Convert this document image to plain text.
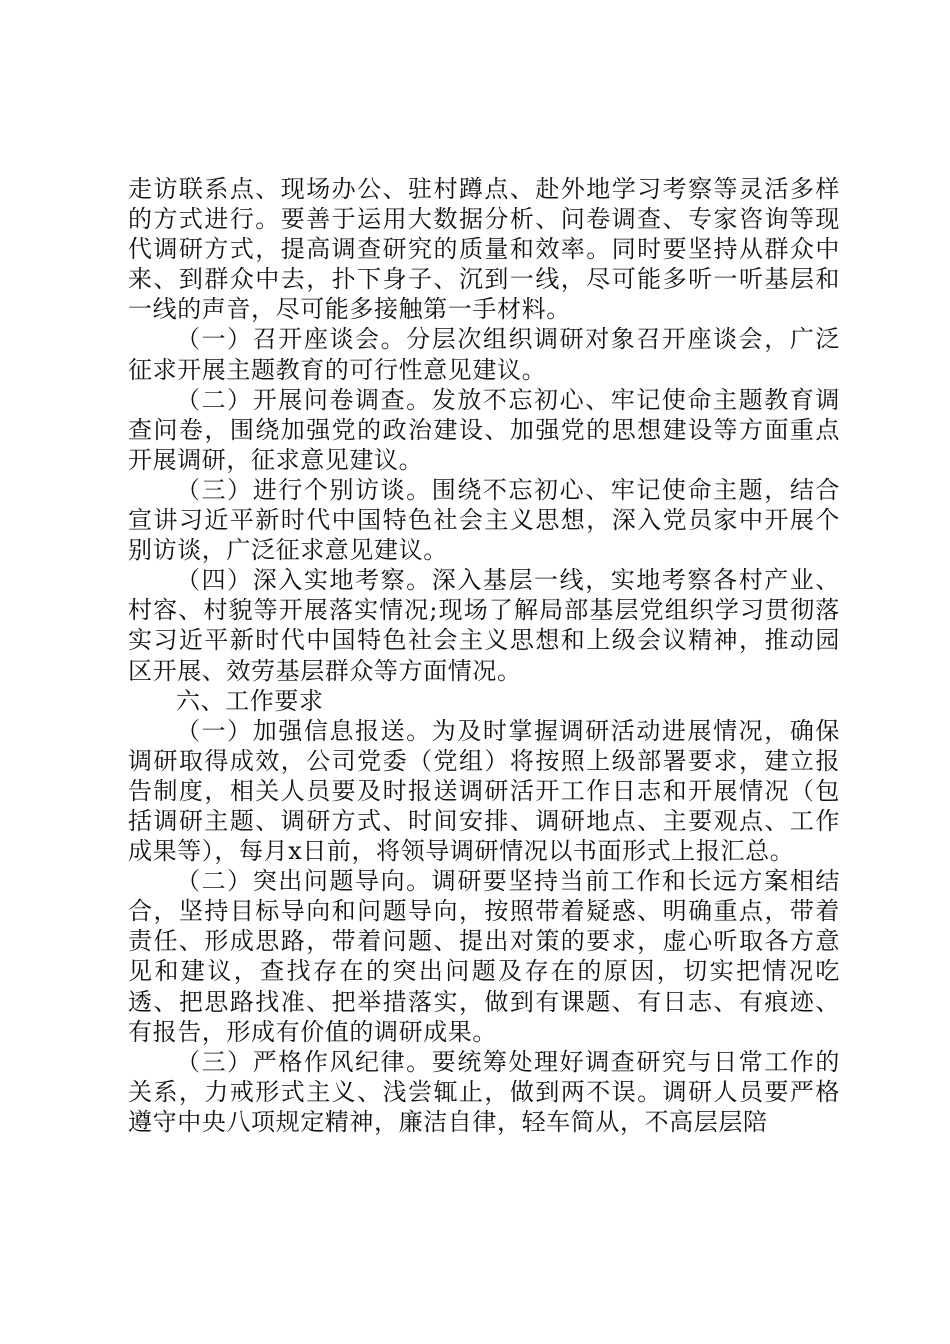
走访联系点、现场办公、驻村蹲点、赴外地学习考察等灵活多样的方式进行。要善于运用大数据分析、问卷调查、专家咨询等现代调研方式，提高调查研究的质量和效率。同时要坚持从群众中来、到群众中去，扑下身子、沉到一线，尽可能多听一听基层和一线的声音，尽可能多接触第一手材料。

（一）召开座谈会。分层次组织调研对象召开座谈会，广泛征求开展主题教育的可行性意见建议。

（二）开展问卷调查。发放不忘初心、牢记使命主题教育调查问卷，围绕加强党的政治建设、加强党的思想建设等方面重点开展调研，征求意见建议。

（三）进行个别访谈。围绕不忘初心、牢记使命主题，结合宣讲习近平新时代中国特色社会主义思想，深入党员家中开展个别访谈，广泛征求意见建议。

（四）深入实地考察。深入基层一线，实地考察各村产业、村容、村貌等开展落实情况;现场了解局部基层党组织学习贯彻落实习近平新时代中国特色社会主义思想和上级会议精神，推动园区开展、效劳基层群众等方面情况。

六、工作要求

（一）加强信息报送。为及时掌握调研活动进展情况，确保调研取得成效，公司党委（党组）将按照上级部署要求，建立报告制度，相关人员要及时报送调研活开工作日志和开展情况（包括调研主题、调研方式、时间安排、调研地点、主要观点、工作成果等），每月x日前，将领导调研情况以书面形式上报汇总。

（二）突出问题导向。调研要坚持当前工作和长远方案相结合，坚持目标导向和问题导向，按照带着疑惑、明确重点，带着责任、形成思路，带着问题、提出对策的要求，虚心听取各方意见和建议，查找存在的突出问题及存在的原因，切实把情况吃透、把思路找准、把举措落实，做到有课题、有日志、有痕迹、有报告，形成有价值的调研成果。

（三）严格作风纪律。要统筹处理好调查研究与日常工作的关系，力戒形式主义、浅尝辄止，做到两不误。调研人员要严格遵守中央八项规定精神，廉洁自律，轻车简从，不高层层陪
